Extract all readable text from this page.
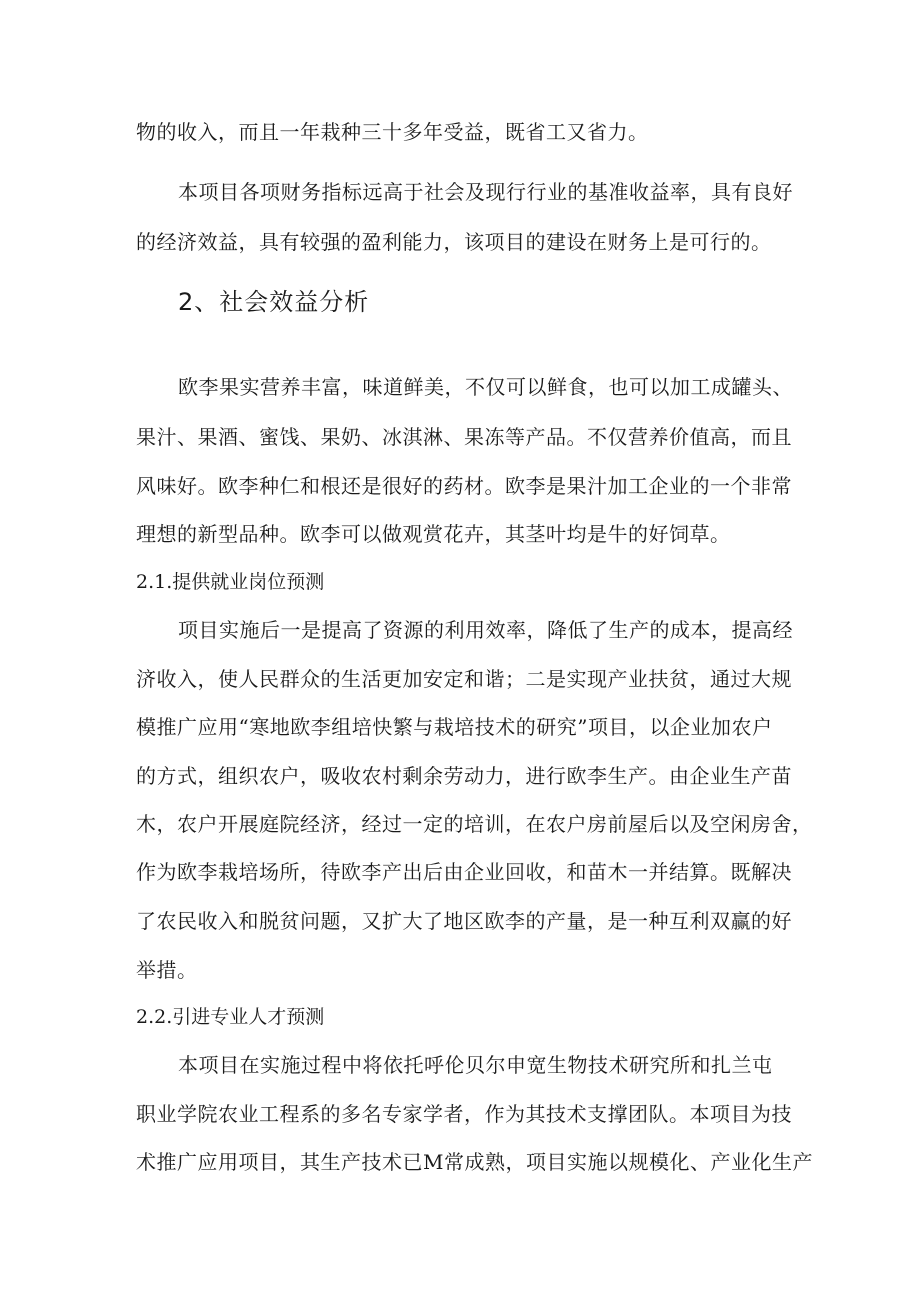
物的收入，而且一年栽种三十多年受益，既省工又省力。
本项目各项财务指标远高于社会及现行行业的基准收益率，具有良好
的经济效益，具有较强的盈利能力，该项目的建设在财务上是可行的。
2、社会效益分析
欧李果实营养丰富，味道鲜美，不仅可以鲜食，也可以加工成罐头、
果汁、果酒、蜜饯、果奶、冰淇淋、果冻等产品。不仅营养价值高，而且
风味好。欧李种仁和根还是很好的药材。欧李是果汁加工企业的一个非常
理想的新型品种。欧李可以做观赏花卉，其茎叶均是牛的好饲草。
2.1.提供就业岗位预测
项目实施后一是提高了资源的利用效率，降低了生产的成本，提高经
济收入，使人民群众的生活更加安定和谐；二是实现产业扶贫，通过大规
模推广应用“寒地欧李组培快繁与栽培技术的研究”项目，以企业加农户
的方式，组织农户，吸收农村剩余劳动力，进行欧李生产。由企业生产苗
木，农户开展庭院经济，经过一定的培训，在农户房前屋后以及空闲房舍，
作为欧李栽培场所，待欧李产出后由企业回收，和苗木一并结算。既解决
了农民收入和脱贫问题，又扩大了地区欧李的产量，是一种互利双赢的好
举措。
2.2.引进专业人才预测
本项目在实施过程中将依托呼伦贝尔申宽生物技术研究所和扎兰屯
职业学院农业工程系的多名专家学者，作为其技术支撑团队。本项目为技
术推广应用项目，其生产技术已M常成熟，项目实施以规模化、产业化生产
